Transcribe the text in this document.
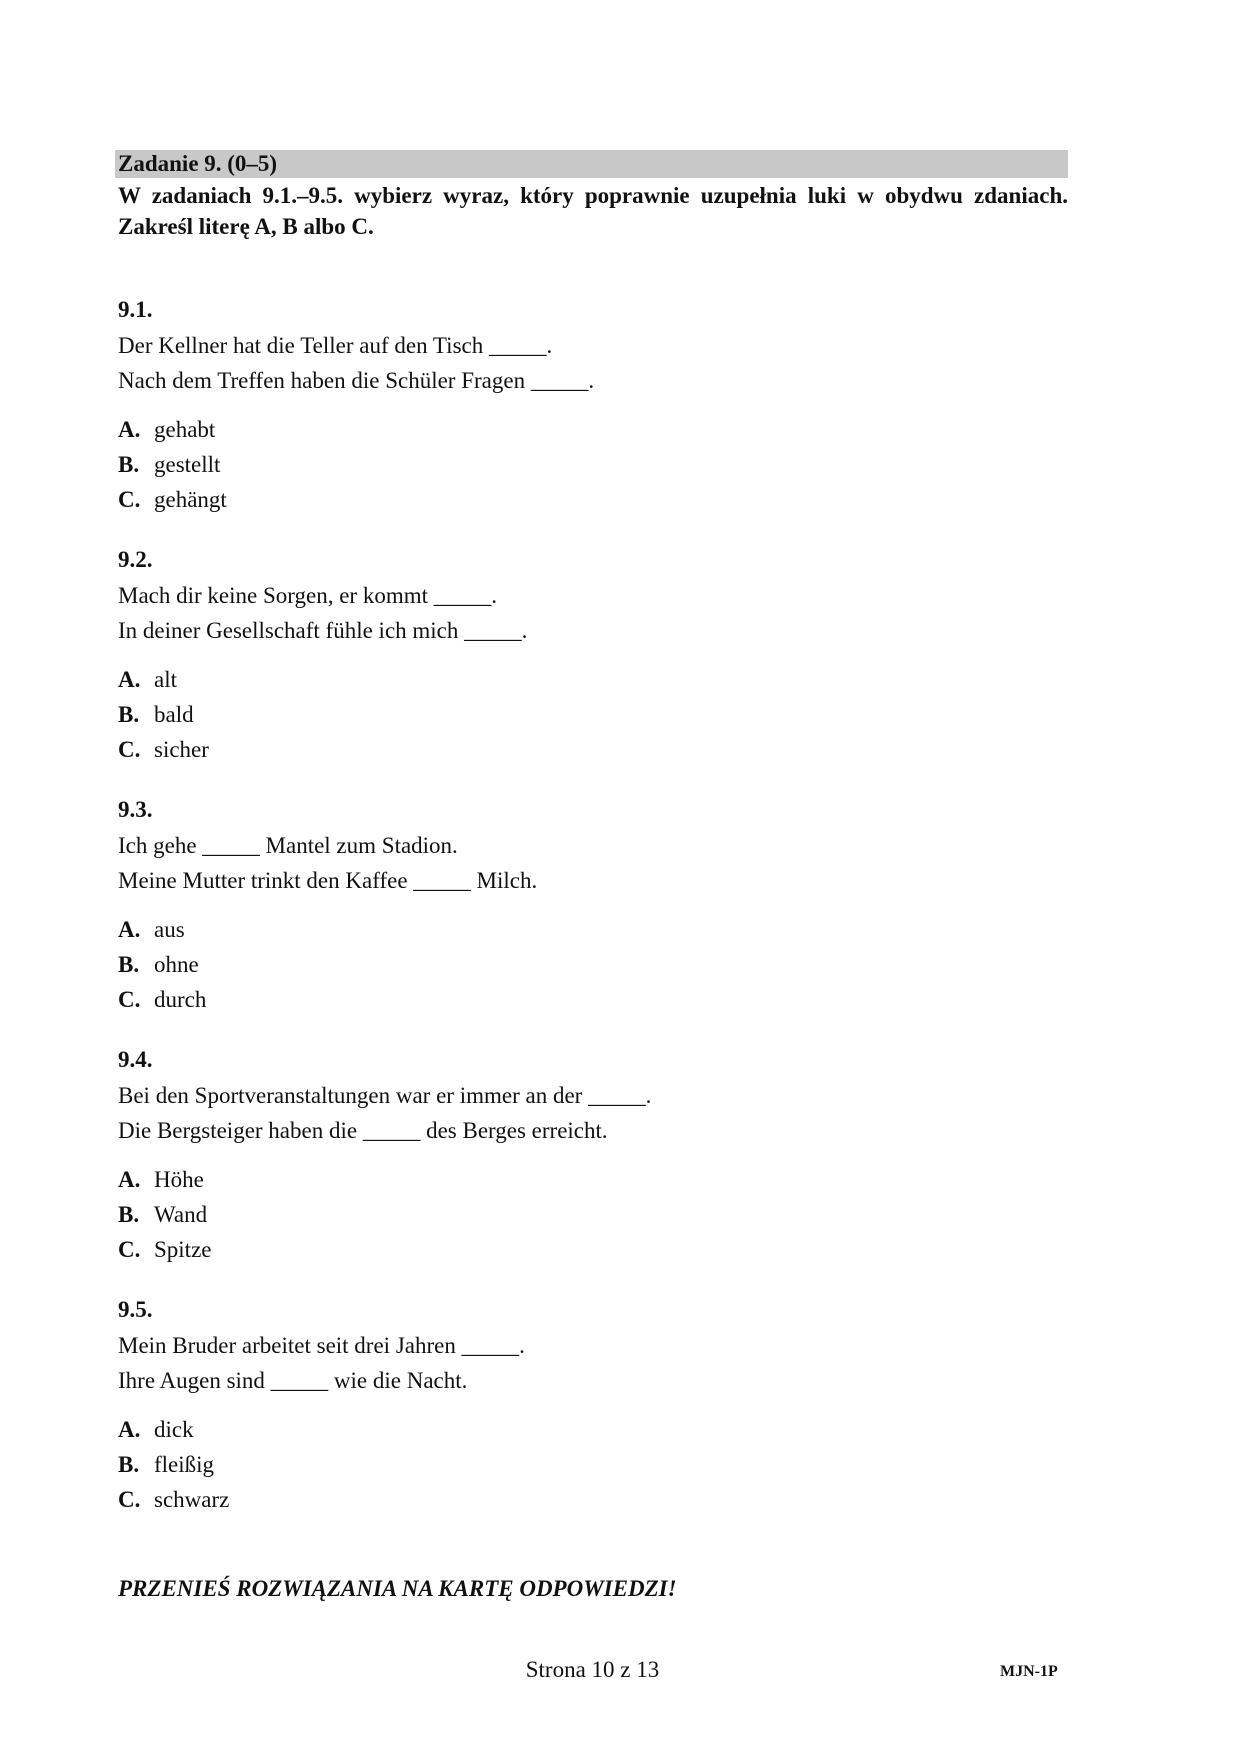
Zadanie 9. (0–5)
W zadaniach 9.1.–9.5. wybierz wyraz, który poprawnie uzupełnia luki w obydwu zdaniach. Zakreśl literę A, B albo C.
9.1.
Der Kellner hat die Teller auf den Tisch _____.
Nach dem Treffen haben die Schüler Fragen _____.
A. gehabt
B. gestellt
C. gehängt
9.2.
Mach dir keine Sorgen, er kommt _____.
In deiner Gesellschaft fühle ich mich _____.
A. alt
B. bald
C. sicher
9.3.
Ich gehe _____ Mantel zum Stadion.
Meine Mutter trinkt den Kaffee _____ Milch.
A. aus
B. ohne
C. durch
9.4.
Bei den Sportveranstaltungen war er immer an der _____.
Die Bergsteiger haben die _____ des Berges erreicht.
A. Höhe
B. Wand
C. Spitze
9.5.
Mein Bruder arbeitet seit drei Jahren _____.
Ihre Augen sind _____ wie die Nacht.
A. dick
B. fleißig
C. schwarz
PRZENIEŚ ROZWIĄZANIA NA KARTĘ ODPOWIEDZI!
Strona 10 z 13	MJN-1P
